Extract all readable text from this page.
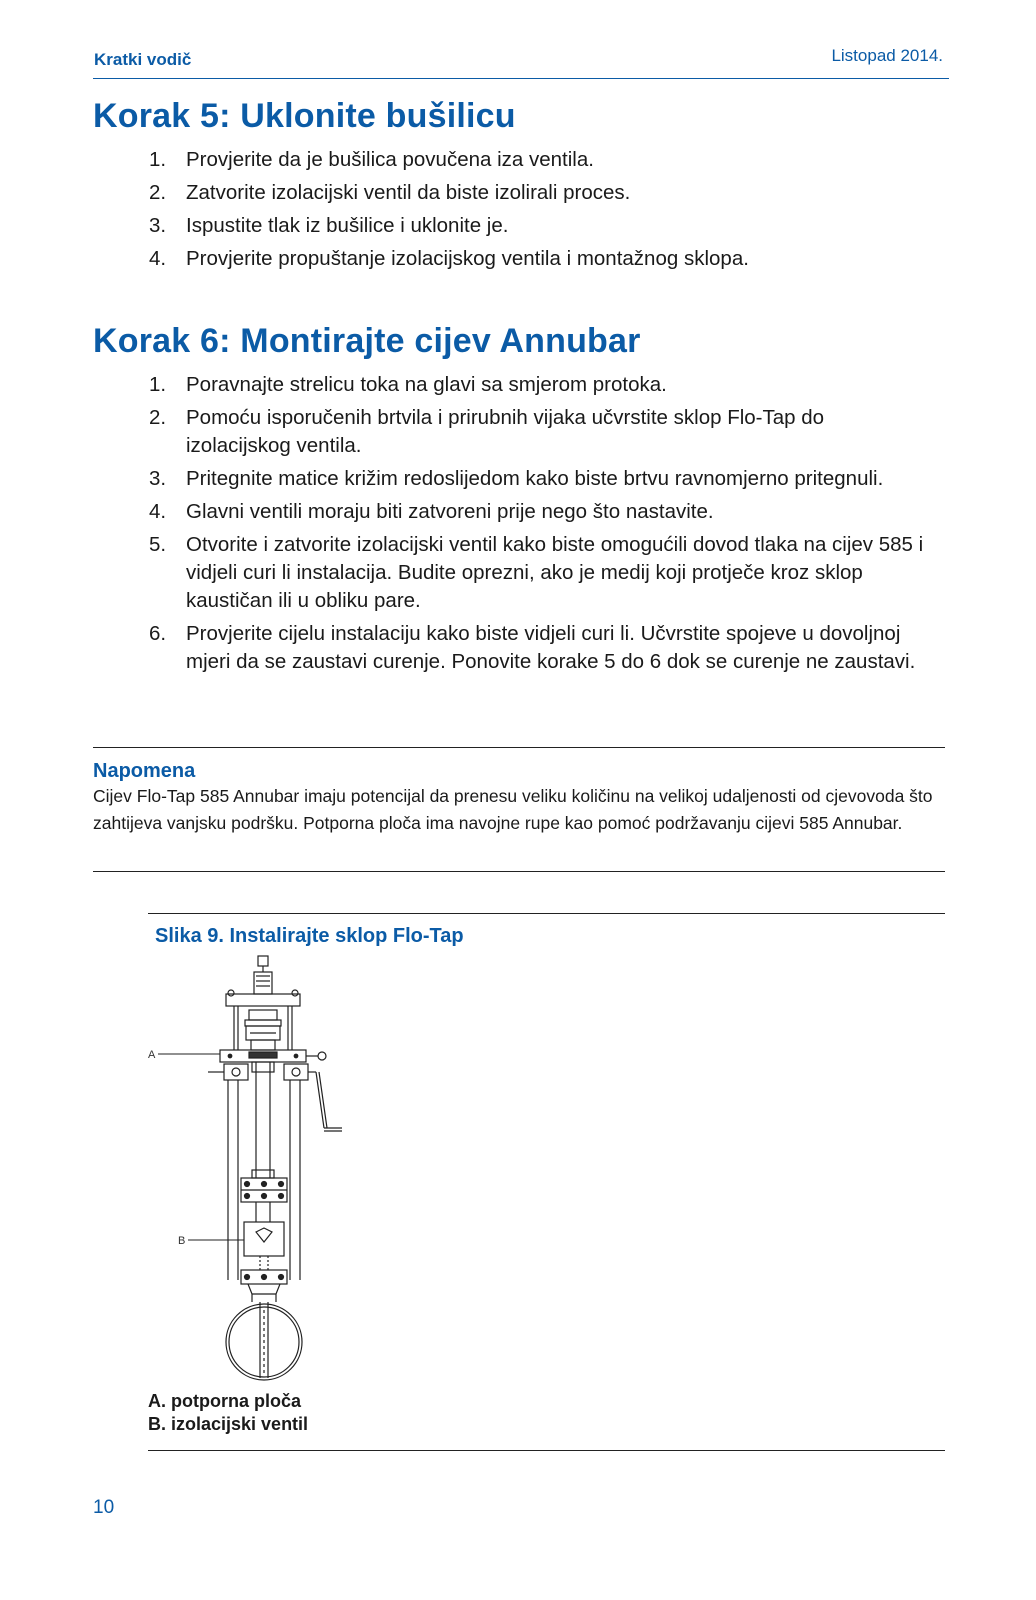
Kratki vodič	Listopad 2014.
Korak 5: Uklonite bušilicu
1. Provjerite da je bušilica povučena iza ventila.
2. Zatvorite izolacijski ventil da biste izolirali proces.
3. Ispustite tlak iz bušilice i uklonite je.
4. Provjerite propuštanje izolacijskog ventila i montažnog sklopa.
Korak 6: Montirajte cijev Annubar
1. Poravnajte strelicu toka na glavi sa smjerom protoka.
2. Pomoću isporučenih brtvila i prirubnih vijaka učvrstite sklop Flo-Tap do izolacijskog ventila.
3. Pritegnite matice križim redoslijedom kako biste brtvu ravnomjerno pritegnuli.
4. Glavni ventili moraju biti zatvoreni prije nego što nastavite.
5. Otvorite i zatvorite izolacijski ventil kako biste omogućili dovod tlaka na cijev 585 i vidjeli curi li instalacija. Budite oprezni, ako je medij koji protječe kroz sklop kaustičan ili u obliku pare.
6. Provjerite cijelu instalaciju kako biste vidjeli curi li. Učvrstite spojeve u dovoljnoj mjeri da se zaustavi curenje. Ponovite korake 5 do 6 dok se curenje ne zaustavi.
Napomena
Cijev Flo-Tap 585 Annubar imaju potencijal da prenesu veliku količinu na velikoj udaljenosti od cjevovoda što zahtijeva vanjsku podršku. Potporna ploča ima navojne rupe kao pomoć podržavanju cijevi 585 Annubar.
Slika 9. Instalirajte sklop Flo-Tap
A
B
A. potporna ploča
B. izolacijski ventil
10
